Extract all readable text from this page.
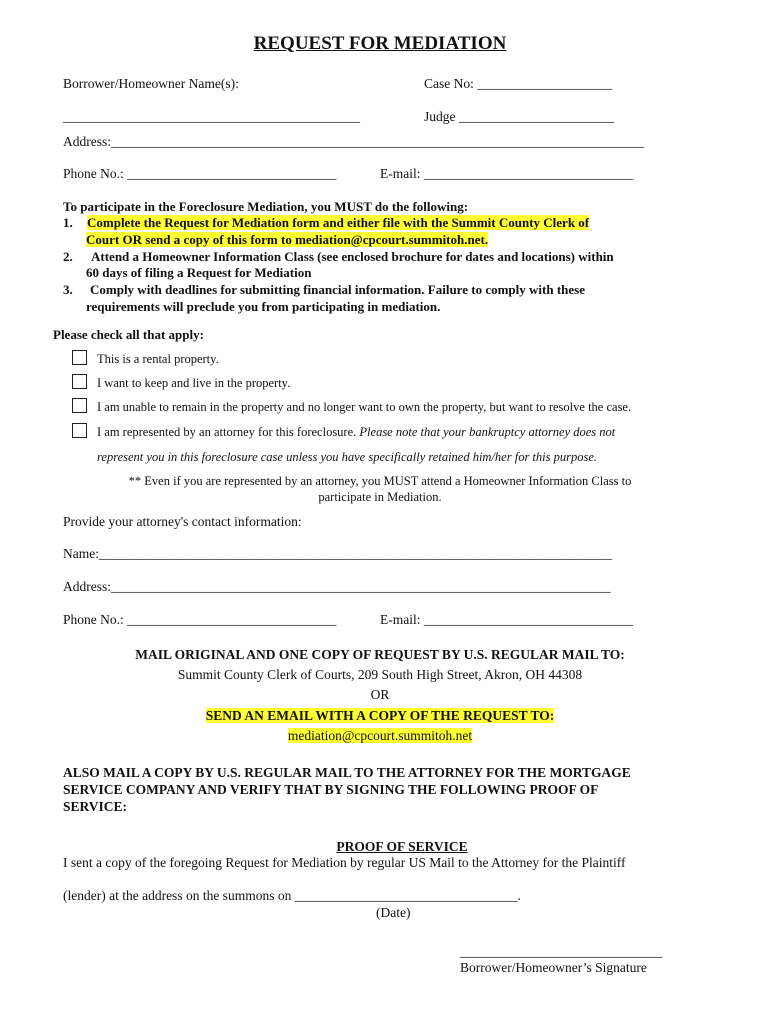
REQUEST FOR MEDIATION
Borrower/Homeowner Name(s):	Case No: ____________________
____________________________________________	Judge _______________________
Address:_______________________________________________________________________________
Phone No.: _______________________________	E-mail: _______________________________
To participate in the Foreclosure Mediation, you MUST do the following:
1. Complete the Request for Mediation form and either file with the Summit County Clerk of
Court OR send a copy of this form to mediation@cpcourt.summitoh.net.
2. Attend a Homeowner Information Class (see enclosed brochure for dates and locations) within
60 days of filing a Request for Mediation
3. Comply with deadlines for submitting financial information. Failure to comply with these
requirements will preclude you from participating in mediation.
Please check all that apply:
This is a rental property.
I want to keep and live in the property.
I am unable to remain in the property and no longer want to own the property, but want to resolve the case.
I am represented by an attorney for this foreclosure. Please note that your bankruptcy attorney does not
represent you in this foreclosure case unless you have specifically retained him/her for this purpose.
** Even if you are represented by an attorney, you MUST attend a Homeowner Information Class to
participate in Mediation.
Provide your attorney's contact information:
Name:____________________________________________________________________________
Address:__________________________________________________________________________
Phone No.: _______________________________	E-mail: _______________________________
MAIL ORIGINAL AND ONE COPY OF REQUEST BY U.S. REGULAR MAIL TO:
Summit County Clerk of Courts, 209 South High Street, Akron, OH 44308
OR
SEND AN EMAIL WITH A COPY OF THE REQUEST TO:
mediation@cpcourt.summitoh.net
ALSO MAIL A COPY BY U.S. REGULAR MAIL TO THE ATTORNEY FOR THE MORTGAGE
SERVICE COMPANY AND VERIFY THAT BY SIGNING THE FOLLOWING PROOF OF
SERVICE:
PROOF OF SERVICE
I sent a copy of the foregoing Request for Mediation by regular US Mail to the Attorney for the Plaintiff
(lender) at the address on the summons on _________________________________.
(Date)
______________________________
Borrower/Homeowner’s Signature
